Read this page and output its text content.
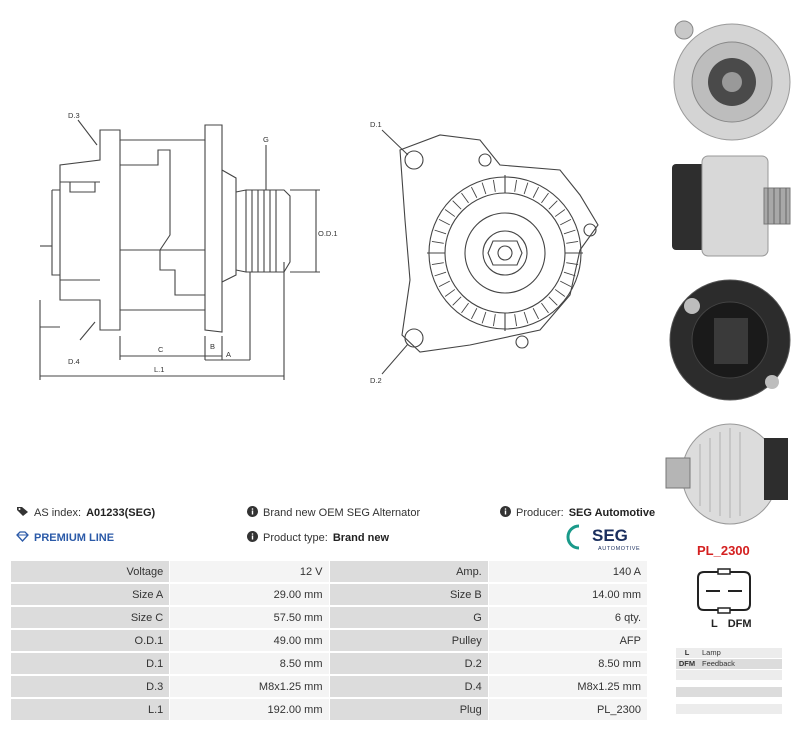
D.3
D.4
G
O.D.1
C	B
A
L.1
D.1
D.2
AS index: A01233(SEG)
PREMIUM LINE
Brand new OEM SEG Alternator
Product type: Brand new
Producer: SEG Automotive
SEG
AUTOMOTIVE
Voltage	12 V	Amp.	140 A
Size A	29.00 mm	Size B	14.00 mm
Size C	57.50 mm	G	6 qty.
O.D.1	49.00 mm	Pulley	AFP
D.1	8.50 mm	D.2	8.50 mm
D.3	M8x1.25 mm	D.4	M8x1.25 mm
L.1	192.00 mm	Plug	PL_2300
PL_2300
L DFM
L	Lamp
DFM Feedback
